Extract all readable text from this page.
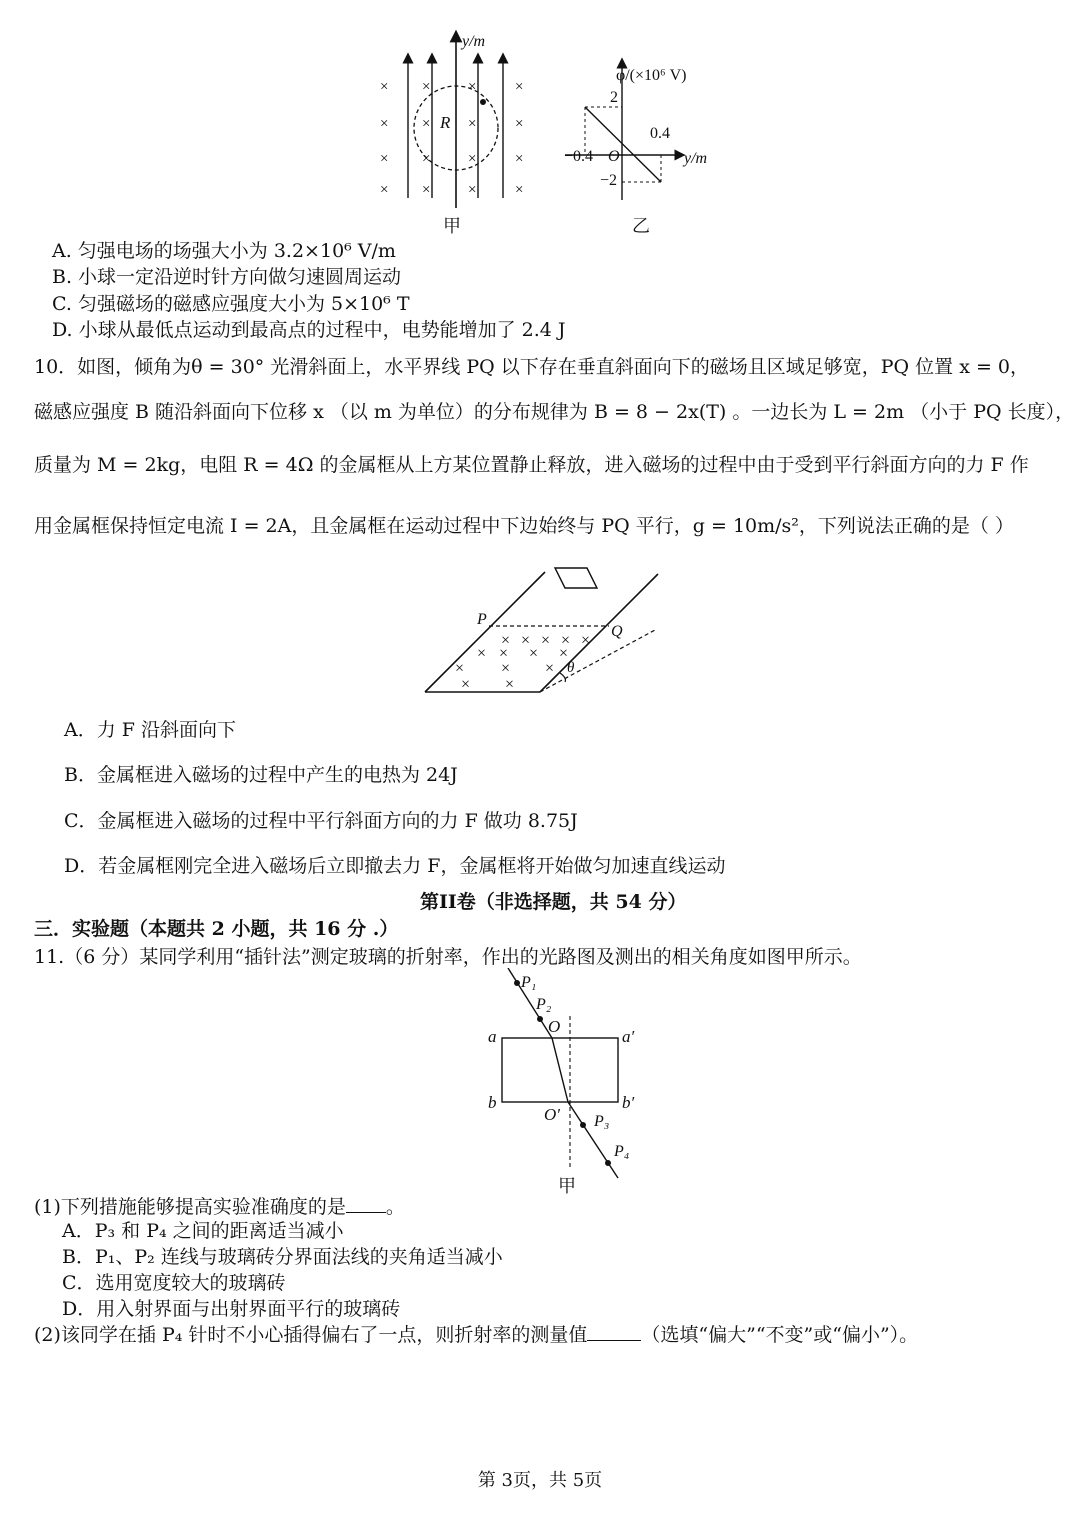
×
×
×
×
×
×
×
×
×
×
×
×
×
×
×
×
y/m
R
甲
φ/(×10⁶ V)
2
0.4
−0.4 O	y/m
−2
乙
A. 匀强电场的场强大小为 3.2×10⁶ V/m
B. 小球一定沿逆时针方向做匀速圆周运动
C. 匀强磁场的磁感应强度大小为 5×10⁶ T
D. 小球从最低点运动到最高点的过程中，电势能增加了 2.4 J
10．如图，倾角为θ = 30° 光滑斜面上，水平界线 PQ 以下存在垂直斜面向下的磁场且区域足够宽，PQ 位置 x = 0，
磁感应强度 B 随沿斜面向下位移 x （以 m 为单位）的分布规律为 B = 8 − 2x(T) 。一边长为 L = 2m （小于 PQ 长度），
质量为 M = 2kg，电阻 R = 4Ω 的金属框从上方某位置静止释放，进入磁场的过程中由于受到平行斜面方向的力 F 作
用金属框保持恒定电流 I = 2A，且金属框在运动过程中下边始终与 PQ 平行，g = 10m/s²，下列说法正确的是（ ）
× × × × ×
× × × ×
× × ×
× ×
P
Q
θ
A．力 F 沿斜面向下
B．金属框进入磁场的过程中产生的电热为 24J
C．金属框进入磁场的过程中平行斜面方向的力 F 做功 8.75J
D．若金属框刚完全进入磁场后立即撤去力 F，金属框将开始做匀加速直线运动
第II卷（非选择题，共 54 分）
三．实验题（本题共 2 小题，共 16 分 .）
11.（6 分）某同学利用“插针法”测定玻璃的折射率，作出的光路图及测出的相关角度如图甲所示。
P₁
P₂
O
a	a′
b	b′
O′ P₃
P₄
甲
(1)下列措施能够提高实验准确度的是 。
A．P₃ 和 P₄ 之间的距离适当减小
B．P₁、P₂ 连线与玻璃砖分界面法线的夹角适当减小
C．选用宽度较大的玻璃砖
D．用入射界面与出射界面平行的玻璃砖
(2)该同学在插 P₄ 针时不小心插得偏右了一点，则折射率的测量值	（选填“偏大”“不变”或“偏小”）。
第 3页，共 5页
